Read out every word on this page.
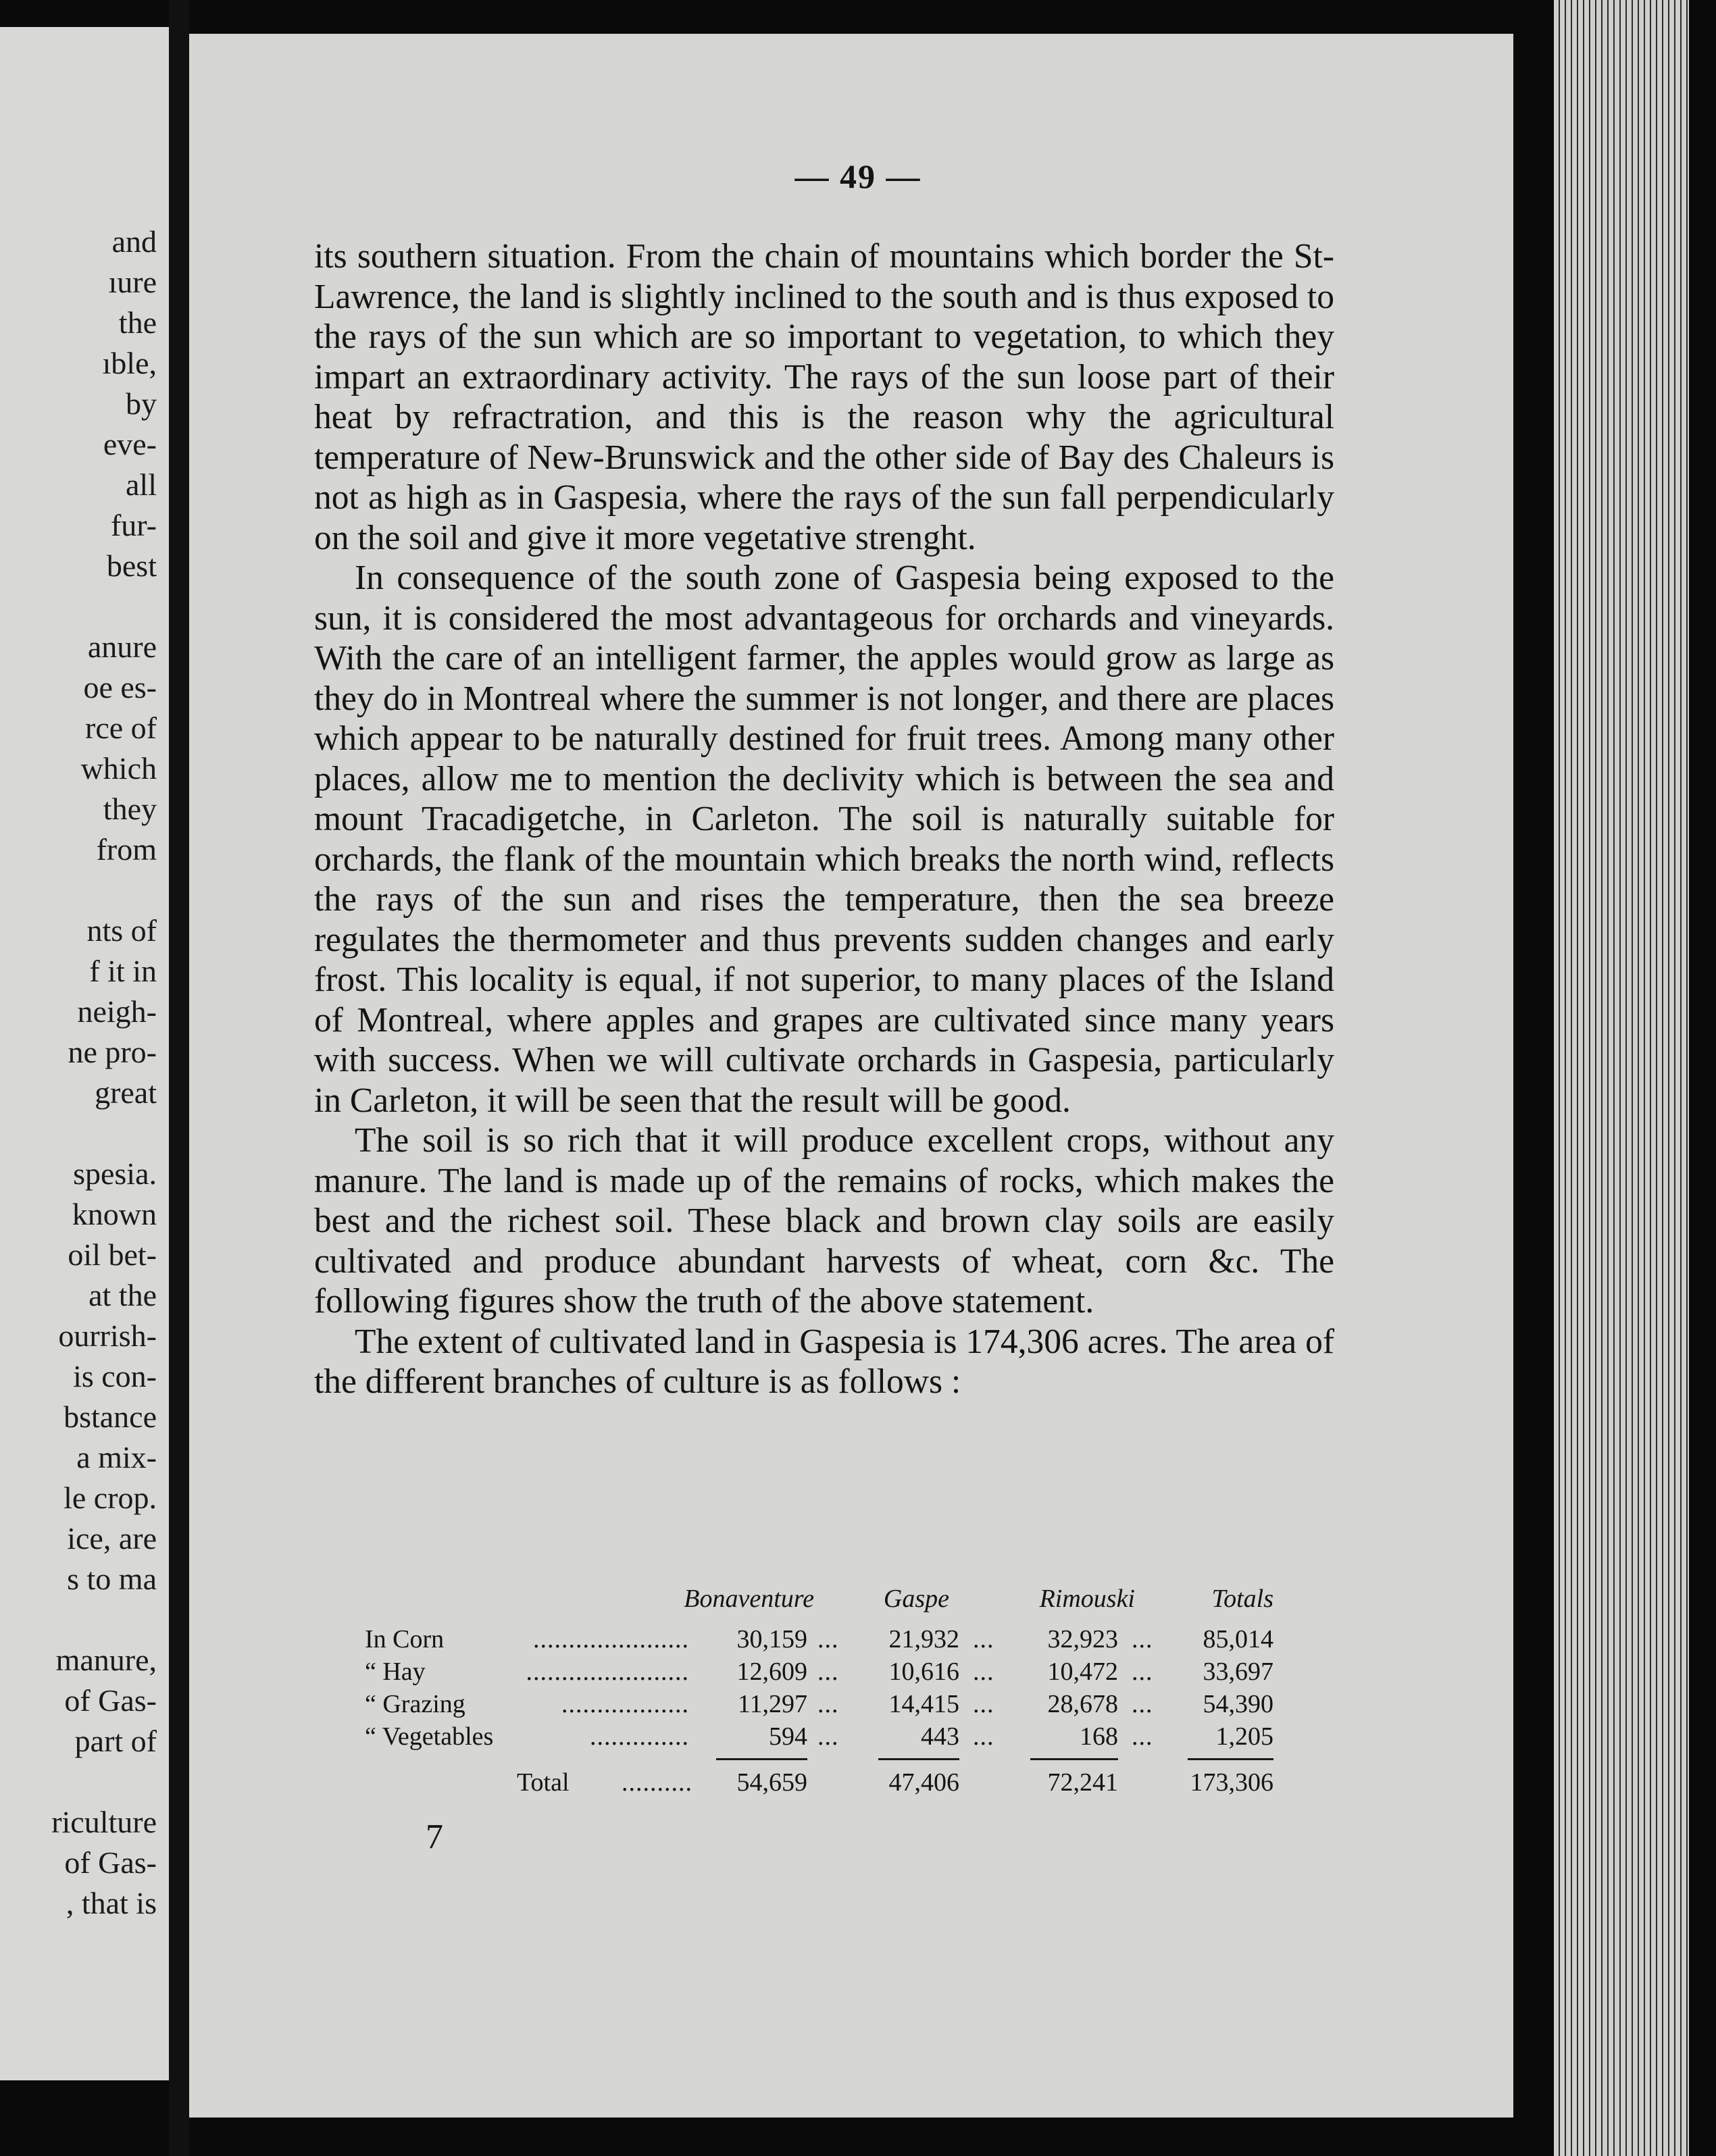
and
ıure
the
ıble,
by
eve-
all
fur-
best
anure
oe es-
rce of
which
they
from
nts of
f it in
neigh-
ne pro-
great
spesia.
known
oil bet-
at the
ourrish-
is con-
bstance
a mix-
le crop.
ice, are
s to ma
manure,
of Gas-
part of
riculture
of Gas-
, that is
— 49 —

its southern situation. From the chain of mountains which border the St-Lawrence, the land is slightly inclined to the south and is thus exposed to the rays of the sun which are so important to vegetation, to which they impart an extraordinary activity. The rays of the sun loose part of their heat by refractration, and this is the reason why the agricultural temperature of New-Brunswick and the other side of Bay des Chaleurs is not as high as in Gaspesia, where the rays of the sun fall perpendicularly on the soil and give it more vegetative strenght.

In consequence of the south zone of Gaspesia being exposed to the sun, it is considered the most advantageous for orchards and vineyards. With the care of an intelligent farmer, the apples would grow as large as they do in Montreal where the summer is not longer, and there are places which appear to be naturally destined for fruit trees. Among many other places, allow me to mention the declivity which is between the sea and mount Tracadigetche, in Carleton. The soil is naturally suitable for orchards, the flank of the mountain which breaks the north wind, reflects the rays of the sun and rises the temperature, then the sea breeze regulates the thermometer and thus prevents sudden changes and early frost. This locality is equal, if not superior, to many places of the Island of Montreal, where apples and grapes are cultivated since many years with success. When we will cultivate orchards in Gaspesia, particularly in Carleton, it will be seen that the result will be good.

The soil is so rich that it will produce excellent crops, without any manure. The land is made up of the remains of rocks, which makes the best and the richest soil. These black and brown clay soils are easily cultivated and produce abundant harvests of wheat, corn &c. The following figures show the truth of the above statement.

The extent of cultivated land in Gaspesia is 174,306 acres. The area of the different branches of culture is as follows :

Bonaventure	Gaspe	Rimouski	Totals
In Corn	...................... 30,159 ... 21,932 ... 32,923 ... 85,014
“ Hay	....................... 12,609 ... 10,616 ... 10,472 ... 33,697
“ Grazing	.................. 11,297 ... 14,415 ... 28,678 ... 54,390
“ Vegetables	..............	594 ...	443 ...	168 ... 1,205
Total .......... 54,659	47,406	72,241	173,306
7
